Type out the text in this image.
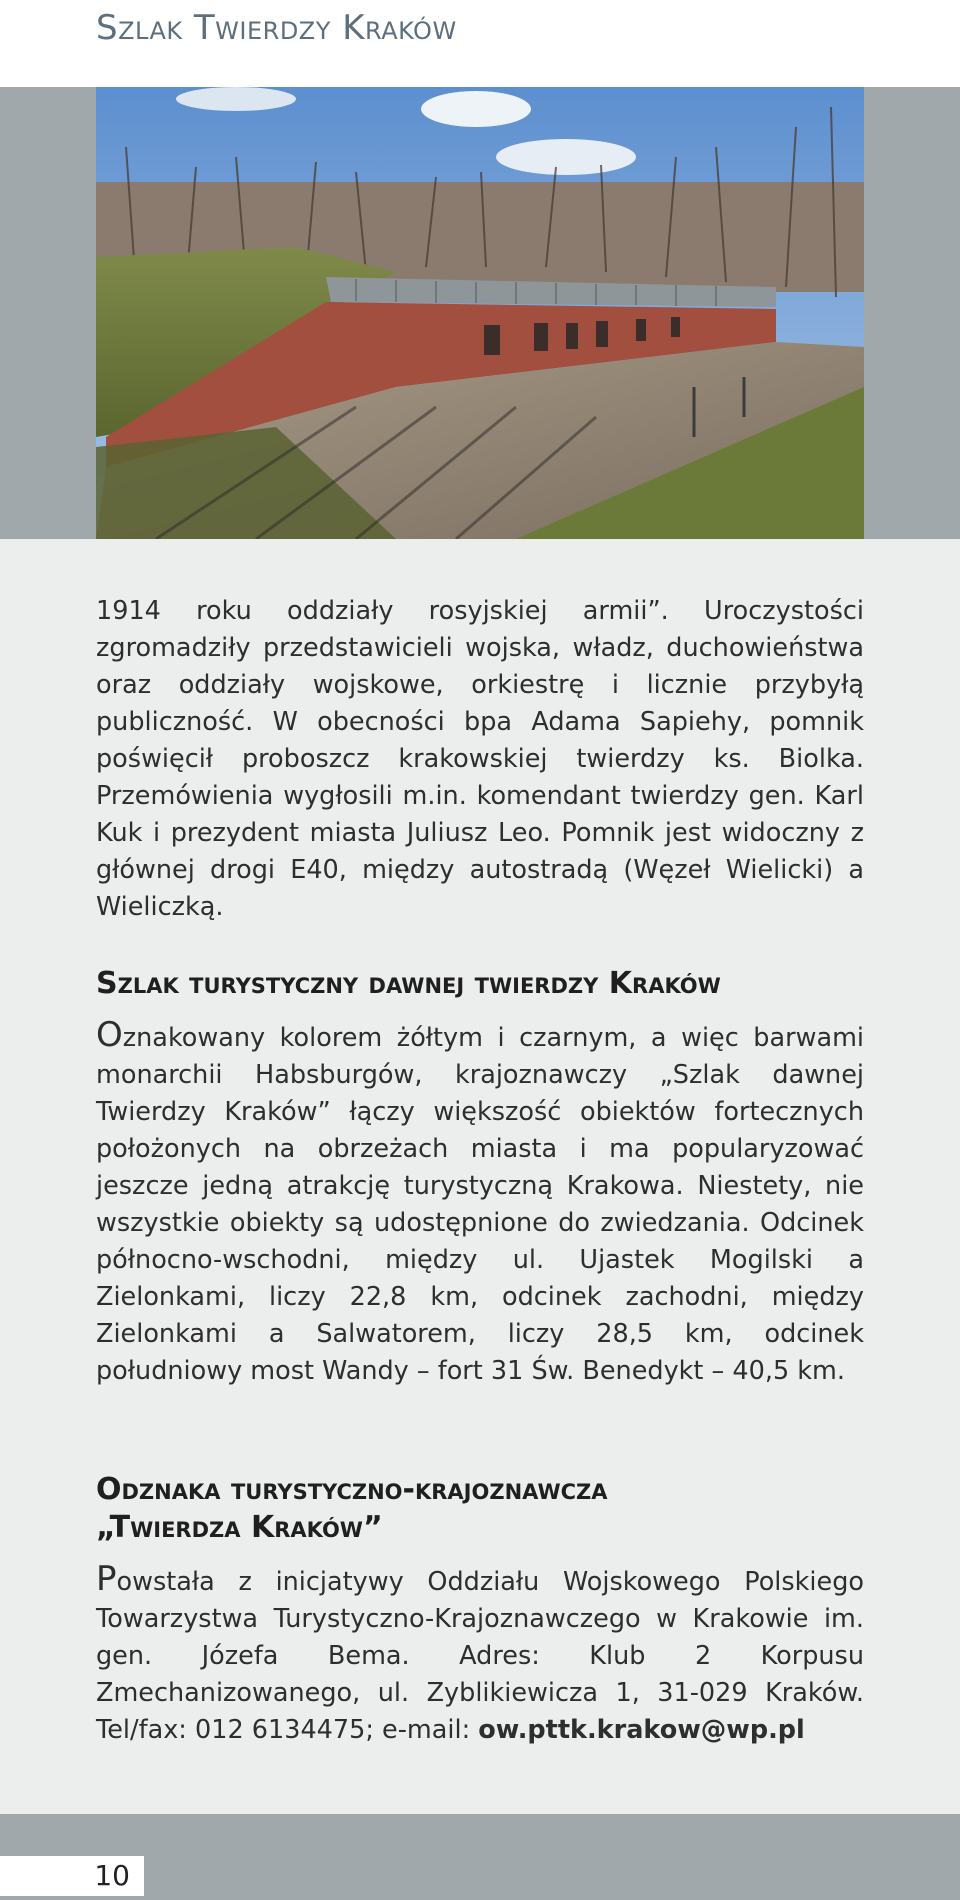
Szlak Twierdzy Kraków

1914 roku oddziały rosyjskiej armii”. Uroczystości zgromadziły przedstawicieli wojska, władz, duchowieństwa oraz oddziały wojskowe, orkiestrę i licznie przybyłą publiczność. W obecności bpa Adama Sapiehy, pomnik poświęcił proboszcz krakowskiej twierdzy ks. Biolka. Przemówienia wygłosili m.in. komendant twierdzy gen. Karl Kuk i prezydent miasta Juliusz Leo. Pomnik jest widoczny z głównej drogi E40, między autostradą (Węzeł Wielicki) a Wieliczką.

Szlak turystyczny dawnej twierdzy Kraków

Oznakowany kolorem żółtym i czarnym, a więc barwami monarchii Habsburgów, krajoznawczy „Szlak dawnej Twierdzy Kraków” łączy większość obiektów fortecznych położonych na obrzeżach miasta i ma popularyzować jeszcze jedną atrakcję turystyczną Krakowa. Niestety, nie wszystkie obiekty są udostępnione do zwiedzania. Odcinek północno-wschodni, między ul. Ujastek Mogilski a Zielonkami, liczy 22,8 km, odcinek zachodni, między Zielonkami a Salwatorem, liczy 28,5 km, odcinek południowy most Wandy – fort 31 Św. Benedykt – 40,5 km.

Odznaka turystyczno-krajoznawcza
„Twierdza Kraków”

Powstała z inicjatywy Oddziału Wojskowego Polskiego Towarzystwa Turystyczno-Krajoznawczego w Krakowie im. gen. Józefa Bema. Adres: Klub 2 Korpusu Zmechanizowanego, ul. Zyblikiewicza 1, 31-029 Kraków. Tel/fax: 012 6134475; e-mail: ow.pttk.krakow@wp.pl

10
